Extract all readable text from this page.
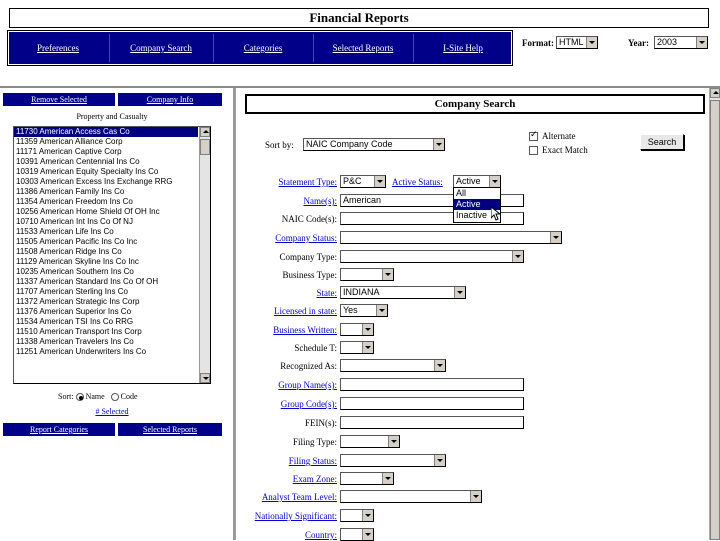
Financial Reports
Preferences	Company Search	Categories	Selected Reports	I-Site Help	Format: HTML	Year: 2003
Remove Selected	Company Info
Property and Casualty
11730 American Access Cas Co
11359 American Alliance Corp
11171 American Captive Corp
10391 American Centennial Ins Co
10319 American Equity Specialty Ins Co
10303 American Excess Ins Exchange RRG
11386 American Family Ins Co
11354 American Freedom Ins Co
10256 American Home Shield Of OH Inc
10710 American Int Ins Co Of NJ
11533 American Life Ins Co
11505 American Pacific Ins Co Inc
11508 American Ridge Ins Co
11129 American Skyline Ins Co Inc
10235 American Southern Ins Co
11337 American Standard Ins Co Of OH
11707 American Sterling Ins Co
11372 American Strategic Ins Corp
11376 American Superior Ins Co
11534 American TSI Ins Co RRG
11510 American Transport Ins Corp
11338 American Travelers Ins Co
11251 American Underwriters Ins Co
Sort: Name Code
# Selected
Report Categories	Selected Reports
Company Search
Sort by:	NAIC Company Code
✓
Alternate
Exact Match
Search
Statement Type: P&C	Active Status:	Active
Name(s): American
NAIC Code(s):
Company Status:
Company Type:
Business Type:
State: INDIANA
Licensed in state: Yes
Business Written:
Schedule T:
Recognized As:
Group Name(s):
Group Code(s):
FEIN(s):
Filing Type:
Filing Status:
Exam Zone:
Analyst Team Level:
Nationally Significant:
Country:
All
Active
Inactive
